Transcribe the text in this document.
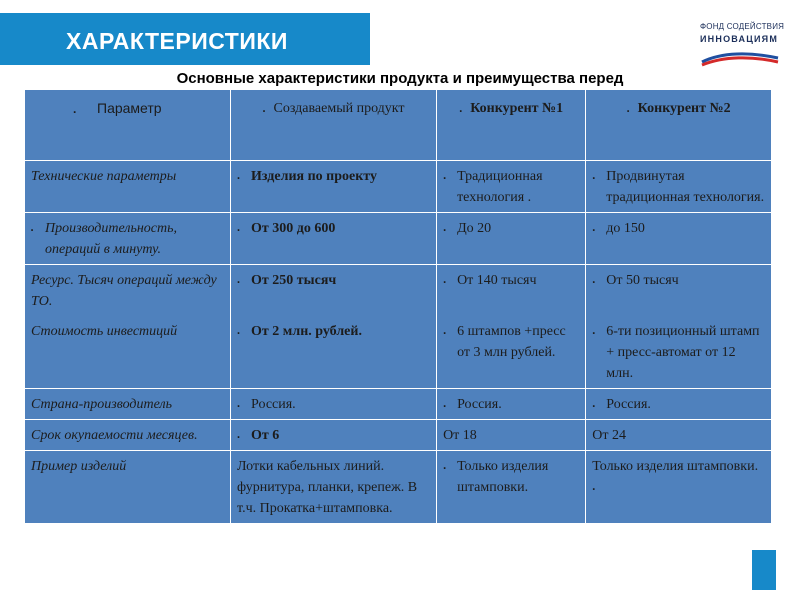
ХАРАКТЕРИСТИКИ
ФОНД СОДЕЙСТВИЯ
ИННОВАЦИЯМ
Основные характеристики продукта и преимущества перед
. Параметр	. Создаваемый продукт	. Конкурент №1	. Конкурент №2
Технические параметры	. Изделия по проекту	. Традиционная технология .	. Продвинутая традиционная технология.

. Производительность, операций в минуту.	. От 300 до 600	. До 20	. до 150

Ресурс. Тысяч операций между ТО.	. От 250 тысяч	. От 140 тысяч	. От 50 тысяч

Стоимость инвестиций	. От 2 млн. рублей.	. 6 штампов +пресс от 3 млн рублей.	. 6-ти позиционный штамп + пресс-автомат от 12 млн.

Страна-производитель	. Россия.	. Россия.	. Россия.

Срок окупаемости месяцев.	. От 6	От 18	От 24
Пример изделий	Лотки кабельных линий. фурнитура, планки, крепеж. В т.ч. Прокатка+штамповка.	. Только изделия штамповки.	Только изделия штамповки.
.
